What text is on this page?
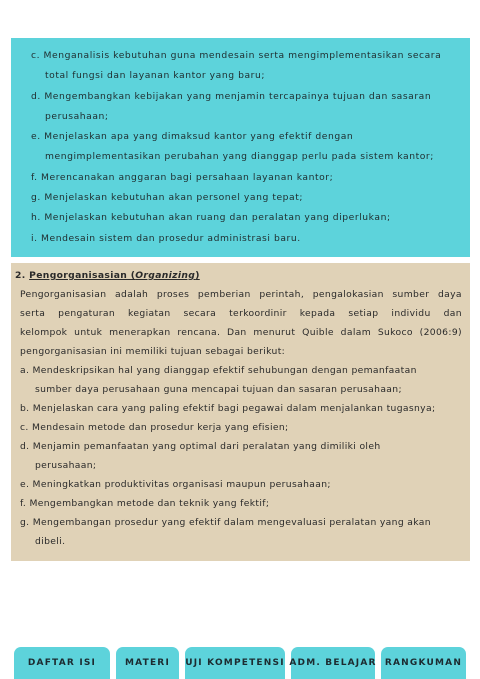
c. Menganalisis kebutuhan guna mendesain serta mengimplementasikan secara
total fungsi dan layanan kantor yang baru;
d. Mengembangkan kebijakan yang menjamin tercapainya tujuan dan sasaran
perusahaan;
e. Menjelaskan apa yang dimaksud kantor yang efektif dengan
mengimplementasikan perubahan yang dianggap perlu pada sistem kantor;
f. Merencanakan anggaran bagi persahaan layanan kantor;
g. Menjelaskan kebutuhan akan personel yang tepat;
h. Menjelaskan kebutuhan akan ruang dan peralatan yang diperlukan;
i. Mendesain sistem dan prosedur administrasi baru.
2. Pengorganisasian (Organizing)
Pengorganisasian adalah proses pemberian perintah, pengalokasian sumber daya
serta pengaturan kegiatan secara terkoordinir kepada setiap individu dan
kelompok untuk menerapkan rencana. Dan menurut Quible dalam Sukoco (2006:9)
pengorganisasian ini memiliki tujuan sebagai berikut:
a. Mendeskripsikan hal yang dianggap efektif sehubungan dengan pemanfaatan
sumber daya perusahaan guna mencapai tujuan dan sasaran perusahaan;
b. Menjelaskan cara yang paling efektif bagi pegawai dalam menjalankan tugasnya;
c. Mendesain metode dan prosedur kerja yang efisien;
d. Menjamin pemanfaatan yang optimal dari peralatan yang dimiliki oleh
perusahaan;
e. Meningkatkan produktivitas organisasi maupun perusahaan;
f. Mengembangkan metode dan teknik yang fektif;
g. Mengembangan prosedur yang efektif dalam mengevaluasi peralatan yang akan
dibeli.
DAFTAR ISI	MATERI	UJI KOMPETENSI ADM. BELAJAR RANGKUMAN
